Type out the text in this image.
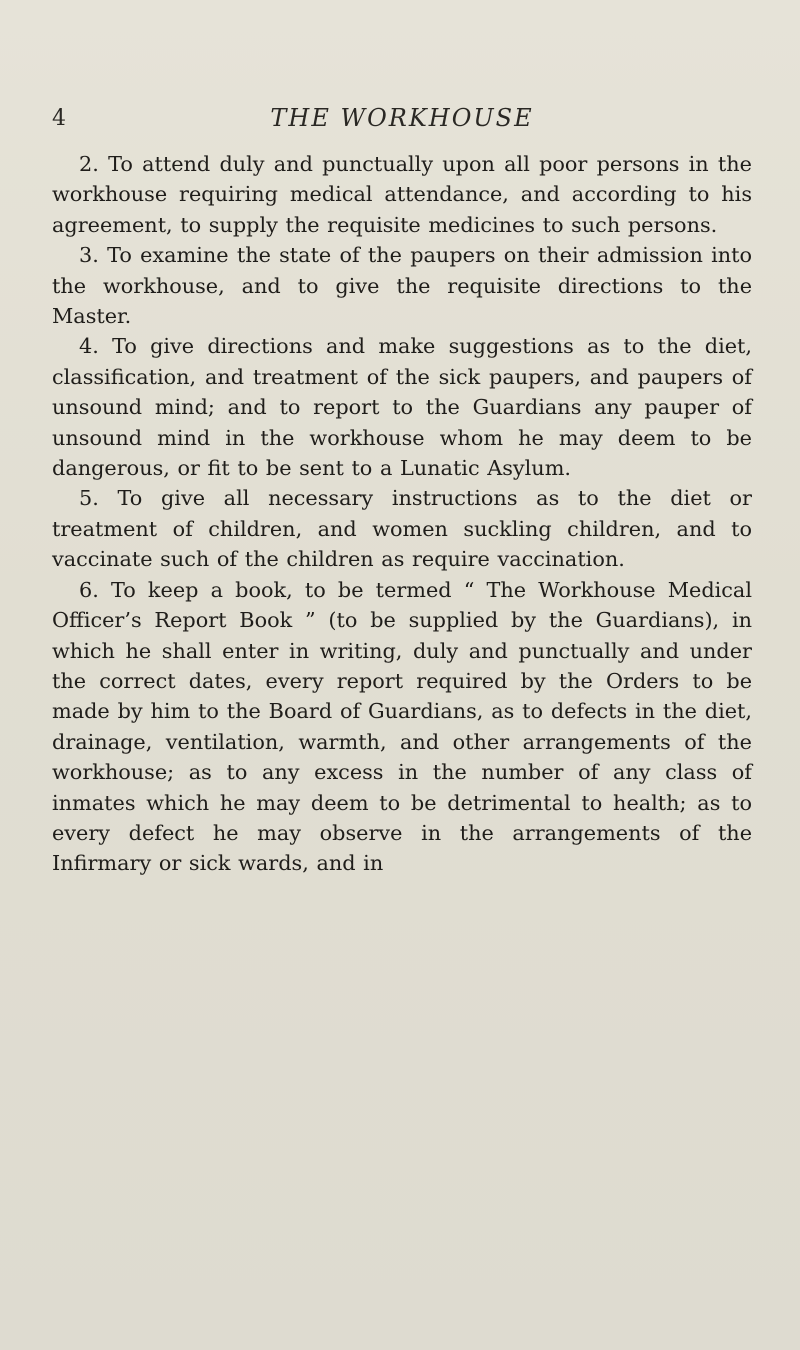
4	THE WORKHOUSE

2. To attend duly and punctually upon all poor persons in the workhouse requiring medical attendance, and according to his agreement, to supply the requisite medicines to such persons.

3. To examine the state of the paupers on their admission into the workhouse, and to give the requisite directions to the Master.

4. To give directions and make suggestions as to the diet, classification, and treatment of the sick paupers, and paupers of unsound mind; and to report to the Guardians any pauper of unsound mind in the workhouse whom he may deem to be dangerous, or fit to be sent to a Lunatic Asylum.

5. To give all necessary instructions as to the diet or treatment of children, and women suckling children, and to vaccinate such of the children as require vaccination.

6. To keep a book, to be termed “ The Workhouse Medical Officer’s Report Book ” (to be supplied by the Guardians), in which he shall enter in writing, duly and punctually and under the correct dates, every report required by the Orders to be made by him to the Board of Guardians, as to defects in the diet, drainage, ventilation, warmth, and other arrangements of the workhouse; as to any excess in the number of any class of inmates which he may deem to be detrimental to health; as to every defect he may observe in the arrangements of the Infirmary or sick wards, and in
